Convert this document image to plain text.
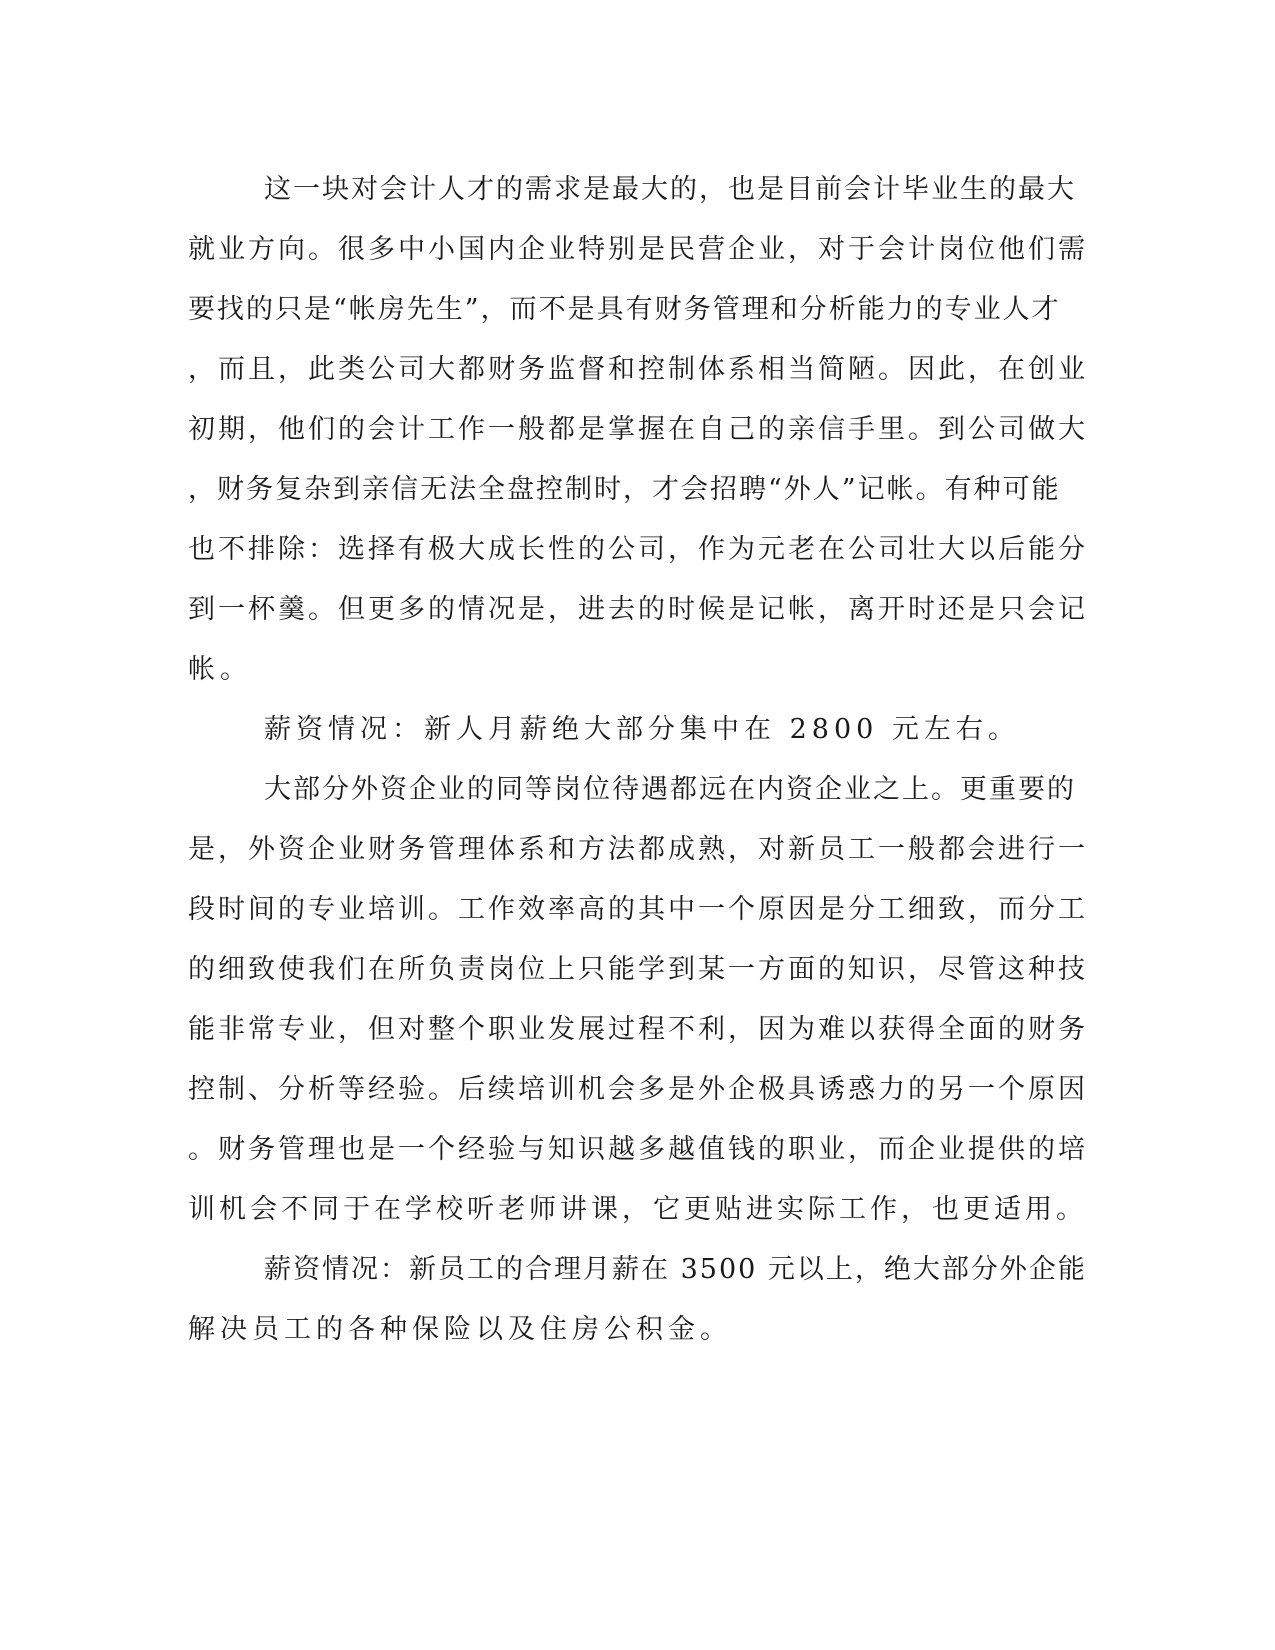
这一块对会计人才的需求是最大的，也是目前会计毕业生的最大
就业方向。很多中小国内企业特别是民营企业，对于会计岗位他们需
要找的只是“帐房先生”，而不是具有财务管理和分析能力的专业人才
，而且，此类公司大都财务监督和控制体系相当简陋。因此，在创业
初期，他们的会计工作一般都是掌握在自己的亲信手里。到公司做大
，财务复杂到亲信无法全盘控制时，才会招聘“外人”记帐。有种可能
也不排除：选择有极大成长性的公司，作为元老在公司壮大以后能分
到一杯羹。但更多的情况是，进去的时候是记帐，离开时还是只会记
帐。
薪资情况：新人月薪绝大部分集中在 2800 元左右。
大部分外资企业的同等岗位待遇都远在内资企业之上。更重要的
是，外资企业财务管理体系和方法都成熟，对新员工一般都会进行一
段时间的专业培训。工作效率高的其中一个原因是分工细致，而分工
的细致使我们在所负责岗位上只能学到某一方面的知识，尽管这种技
能非常专业，但对整个职业发展过程不利，因为难以获得全面的财务
控制、分析等经验。后续培训机会多是外企极具诱惑力的另一个原因
。财务管理也是一个经验与知识越多越值钱的职业，而企业提供的培
训机会不同于在学校听老师讲课，它更贴进实际工作，也更适用。
薪资情况：新员工的合理月薪在 3500 元以上，绝大部分外企能
解决员工的各种保险以及住房公积金。
